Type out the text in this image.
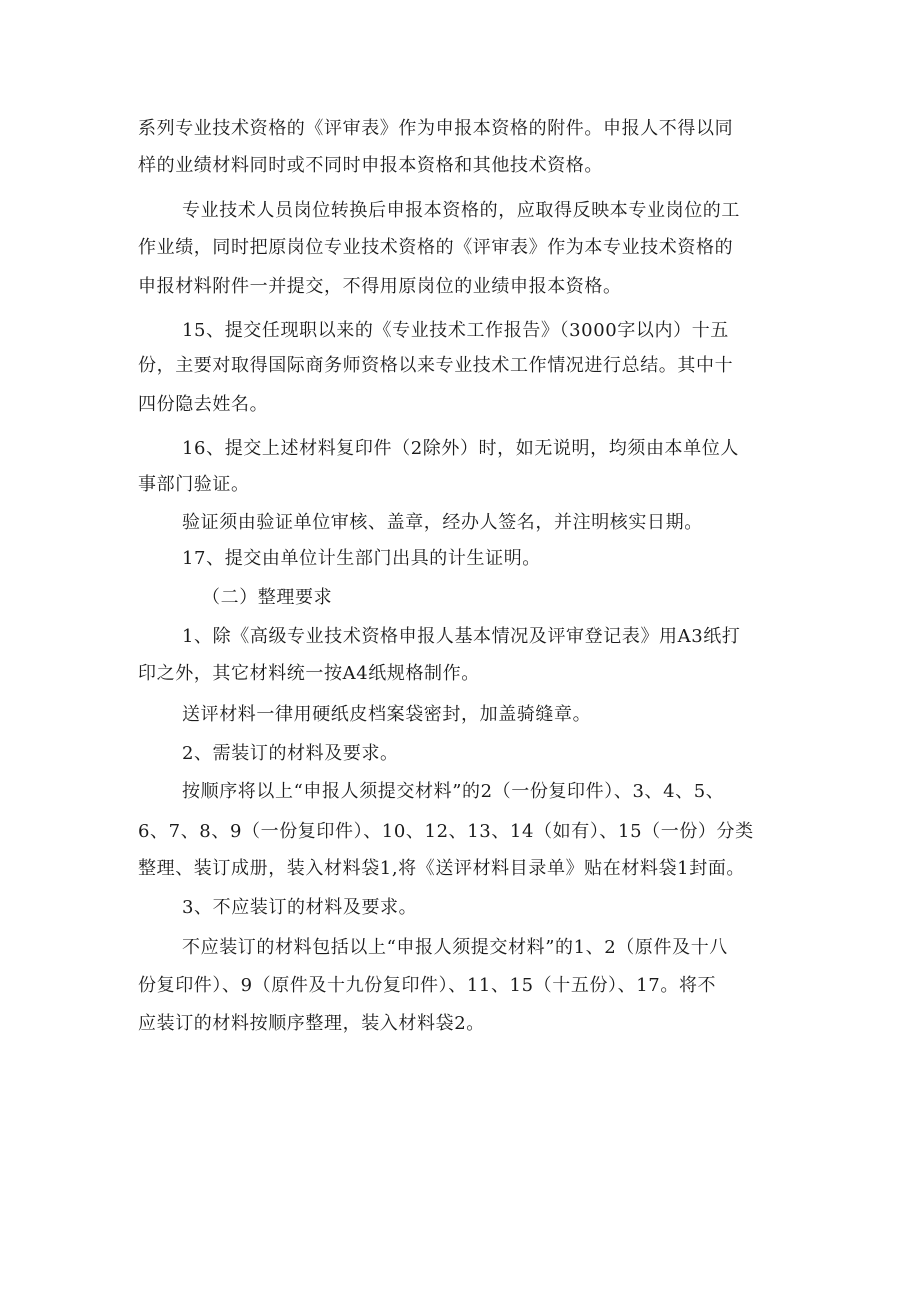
系列专业技术资格的《评审表》作为申报本资格的附件。申报人不得以同
样的业绩材料同时或不同时申报本资格和其他技术资格。
专业技术人员岗位转换后申报本资格的，应取得反映本专业岗位的工
作业绩，同时把原岗位专业技术资格的《评审表》作为本专业技术资格的
申报材料附件一并提交，不得用原岗位的业绩申报本资格。
15、提交任现职以来的《专业技术工作报告》（3000字以内）十五
份，主要对取得国际商务师资格以来专业技术工作情况进行总结。其中十
四份隐去姓名。
16、提交上述材料复印件（2除外）时，如无说明，均须由本单位人
事部门验证。
验证须由验证单位审核、盖章，经办人签名，并注明核实日期。
17、提交由单位计生部门出具的计生证明。
（二）整理要求
1、除《高级专业技术资格申报人基本情况及评审登记表》用A3纸打
印之外，其它材料统一按A4纸规格制作。
送评材料一律用硬纸皮档案袋密封，加盖骑缝章。
2、需装订的材料及要求。
按顺序将以上“申报人须提交材料”的2（一份复印件）、3、4、5、
6、7、8、9（一份复印件）、10、12、13、14（如有）、15（一份）分类
整理、装订成册，装入材料袋1,将《送评材料目录单》贴在材料袋1封面。
3、不应装订的材料及要求。
不应装订的材料包括以上“申报人须提交材料”的1、2（原件及十八
份复印件）、9（原件及十九份复印件）、11、15（十五份）、17。将不
应装订的材料按顺序整理，装入材料袋2。
